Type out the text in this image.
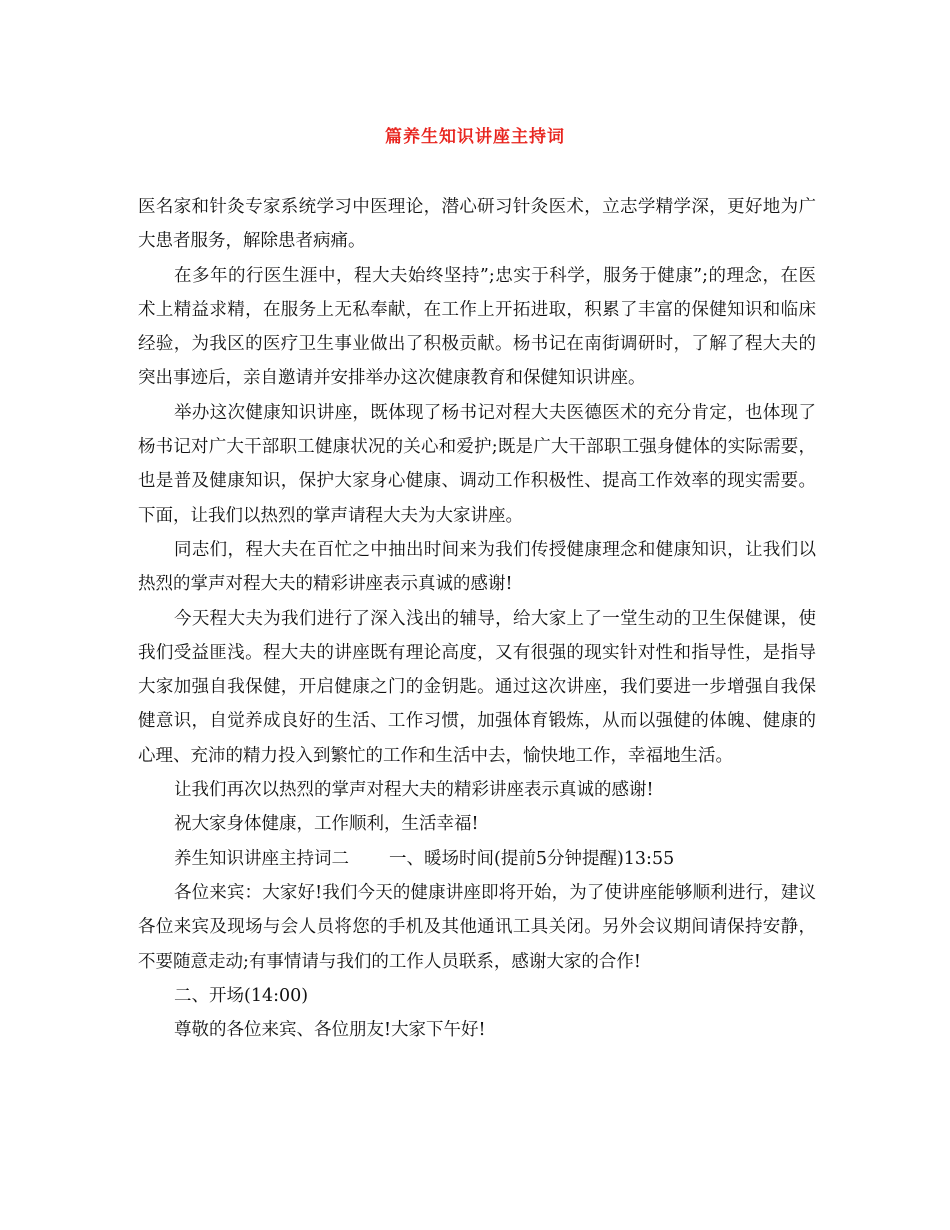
篇养生知识讲座主持词

医名家和针灸专家系统学习中医理论，潜心研习针灸医术，立志学精学深，更好地为广大患者服务，解除患者病痛。

在多年的行医生涯中，程大夫始终坚持”;忠实于科学，服务于健康”;的理念，在医术上精益求精，在服务上无私奉献，在工作上开拓进取，积累了丰富的保健知识和临床经验，为我区的医疗卫生事业做出了积极贡献。杨书记在南街调研时，了解了程大夫的突出事迹后，亲自邀请并安排举办这次健康教育和保健知识讲座。

举办这次健康知识讲座，既体现了杨书记对程大夫医德医术的充分肯定，也体现了杨书记对广大干部职工健康状况的关心和爱护;既是广大干部职工强身健体的实际需要，也是普及健康知识，保护大家身心健康、调动工作积极性、提高工作效率的现实需要。 下面，让我们以热烈的掌声请程大夫为大家讲座。

同志们，程大夫在百忙之中抽出时间来为我们传授健康理念和健康知识，让我们以热烈的掌声对程大夫的精彩讲座表示真诚的感谢!

今天程大夫为我们进行了深入浅出的辅导，给大家上了一堂生动的卫生保健课，使我们受益匪浅。程大夫的讲座既有理论高度，又有很强的现实针对性和指导性，是指导大家加强自我保健，开启健康之门的金钥匙。通过这次讲座，我们要进一步增强自我保健意识，自觉养成良好的生活、工作习惯，加强体育锻炼，从而以强健的体魄、健康的心理、充沛的精力投入到繁忙的工作和生活中去，愉快地工作，幸福地生活。

让我们再次以热烈的掌声对程大夫的精彩讲座表示真诚的感谢!

祝大家身体健康，工作顺利，生活幸福!

养生知识讲座主持词二 一、暖场时间(提前5分钟提醒)13:55

各位来宾：大家好!我们今天的健康讲座即将开始，为了使讲座能够顺利进行，建议各位来宾及现场与会人员将您的手机及其他通讯工具关闭。另外会议期间请保持安静，不要随意走动;有事情请与我们的工作人员联系，感谢大家的合作!

二、开场(14:00)

尊敬的各位来宾、各位朋友!大家下午好!
